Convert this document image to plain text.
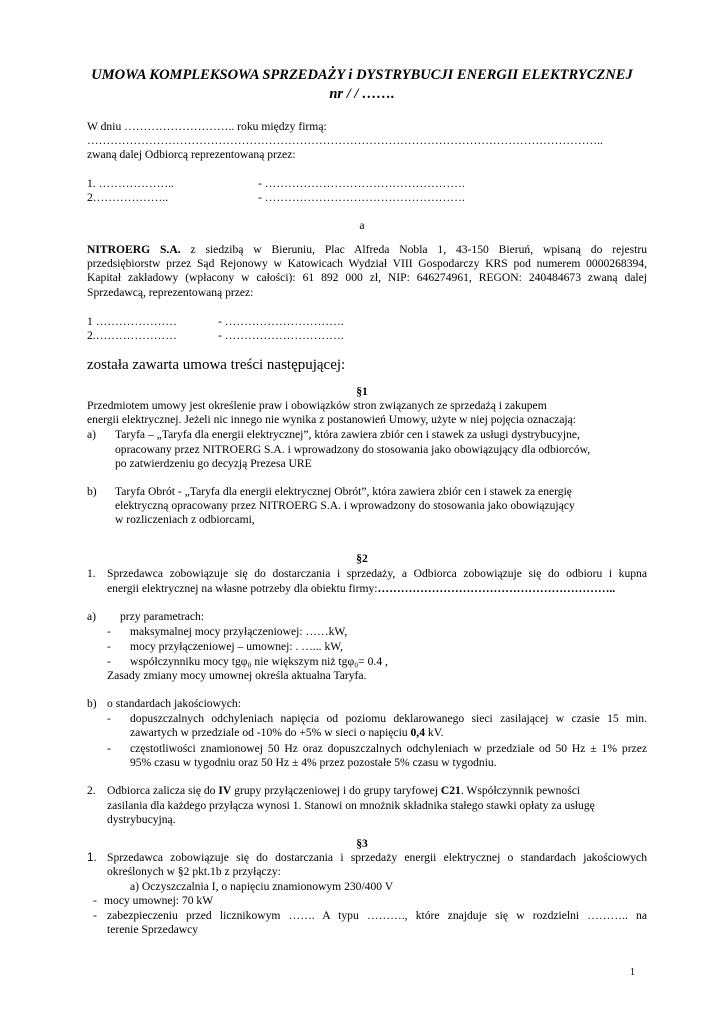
UMOWA KOMPLEKSOWA SPRZEDAŻY i DYSTRYBUCJI ENERGII ELEKTRYCZNEJ
nr / / …….
W dniu ……………………….. roku między firmą:
……………………………………………………………………………………………………………………..
zwaną dalej Odbiorcą reprezentowaną przez:
1. ………………..	- …………………………………………….
2………………..	- …………………………………………….
a
NITROERG S.A. z siedzibą w Bieruniu, Plac Alfreda Nobla 1, 43-150 Bieruń, wpisaną do rejestru
przedsiębiorstw przez Sąd Rejonowy w Katowicach Wydział VIII Gospodarczy KRS pod numerem 0000268394,
Kapitał zakładowy (wpłacony w całości): 61 892 000 zł, NIP: 646274961, REGON: 240484673 zwaną dalej
Sprzedawcą, reprezentowaną przez:
1 …………………	- ………………………….
2.…………………	- ………………………….
została zawarta umowa treści następującej:
§1
Przedmiotem umowy jest określenie praw i obowiązków stron związanych ze sprzedażą i zakupem
energii elektrycznej. Jeżeli nic innego nie wynika z postanowień Umowy, użyte w niej pojęcia oznaczają:
a) Taryfa – „Taryfa dla energii elektrycznej”, która zawiera zbiór cen i stawek za usługi dystrybucyjne,
opracowany przez NITROERG S.A. i wprowadzony do stosowania jako obowiązujący dla odbiorców,
po zatwierdzeniu go decyzją Prezesa URE
b) Taryfa Obrót - „Taryfa dla energii elektrycznej Obrót”, która zawiera zbiór cen i stawek za energię
elektryczną opracowany przez NITROERG S.A. i wprowadzony do stosowania jako obowiązujący
w rozliczeniach z odbiorcami,
§2
1. Sprzedawca zobowiązuje się do dostarczania i sprzedaży, a Odbiorca zobowiązuje się do odbioru i kupna
energii elektrycznej na własne potrzeby dla obiektu firmy:……………………………………………………..
a) przy parametrach:
- maksymalnej mocy przyłączeniowej: ……kW,
- mocy przyłączeniowej – umownej: . …... kW,
- współczynniku mocy tgφ₀ nie większym niż tgφ₀= 0.4 ,
Zasady zmiany mocy umownej określa aktualna Taryfa.
b) o standardach jakościowych:
- dopuszczalnych odchyleniach napięcia od poziomu deklarowanego sieci zasilającej w czasie 15 min.
zawartych w przedziale od -10% do +5% w sieci o napięciu 0,4 kV.
- częstotliwości znamionowej 50 Hz oraz dopuszczalnych odchyleniach w przedziale od 50 Hz ± 1% przez
95% czasu w tygodniu oraz 50 Hz ± 4% przez pozostałe 5% czasu w tygodniu.
2. Odbiorca zalicza się do IV grupy przyłączeniowej i do grupy taryfowej C21. Współczynnik pewności
zasilania dla każdego przyłącza wynosi 1. Stanowi on mnożnik składnika stałego stawki opłaty za usługę
dystrybucyjną.
§3
1. Sprzedawca zobowiązuje się do dostarczania i sprzedaży energii elektrycznej o standardach jakościowych
określonych w §2 pkt.1b z przyłączy:
a) Oczyszczalnia I, o napięciu znamionowym 230/400 V
- mocy umownej: 70 kW
- zabezpieczeniu przed licznikowym ……. A typu ………., które znajduje się w rozdzielni ……….. na
terenie Sprzedawcy
1
